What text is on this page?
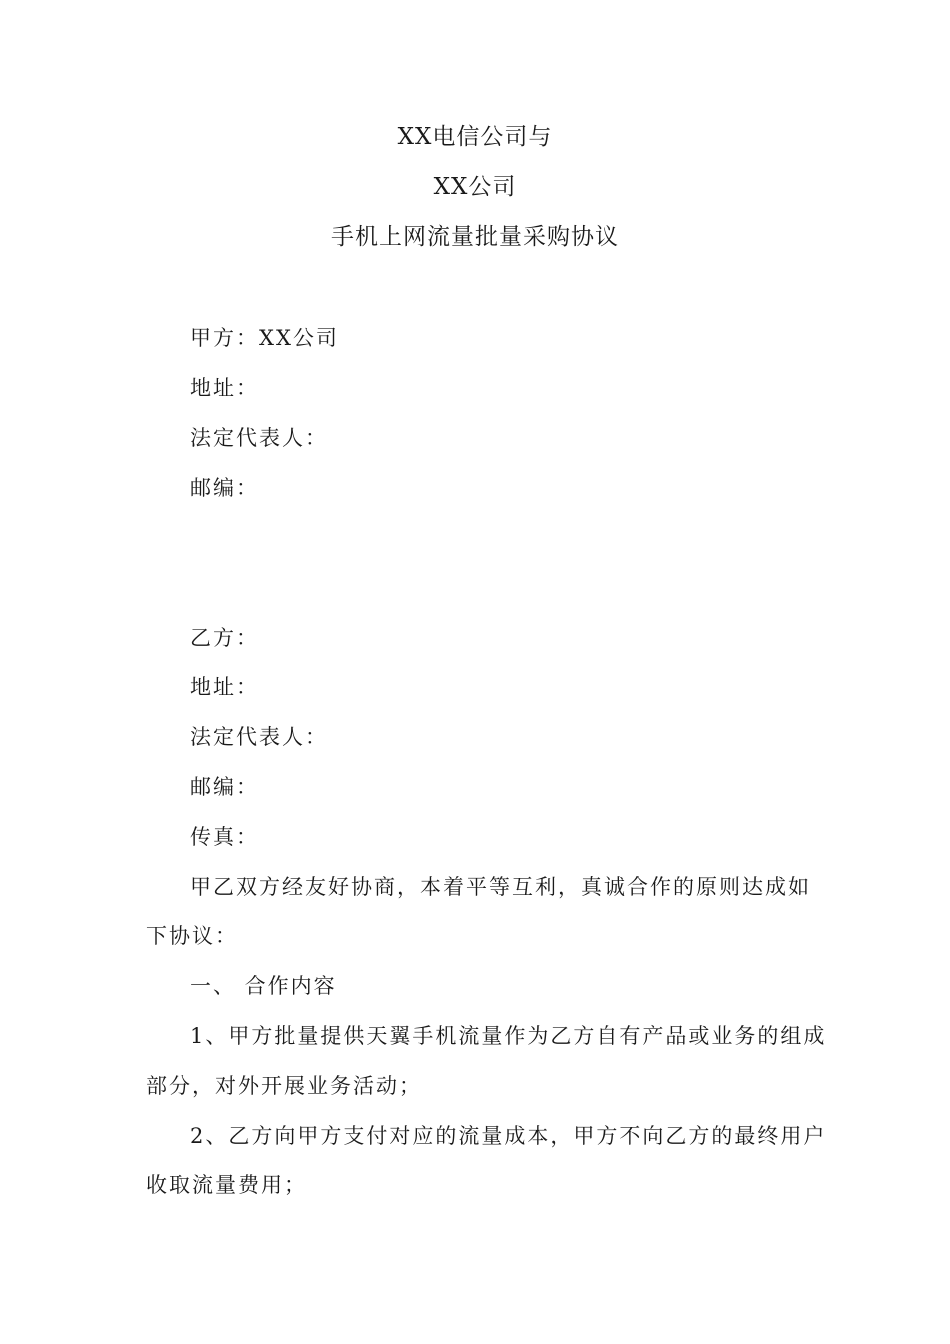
XX电信公司与
XX公司
手机上网流量批量采购协议
甲方：XX公司
地址：
法定代表人：
邮编：
乙方：
地址：
法定代表人：
邮编：
传真：
甲乙双方经友好协商，本着平等互利，真诚合作的原则达成如
下协议：
一、 合作内容
1、甲方批量提供天翼手机流量作为乙方自有产品或业务的组成
部分，对外开展业务活动；
2、乙方向甲方支付对应的流量成本，甲方不向乙方的最终用户
收取流量费用；
